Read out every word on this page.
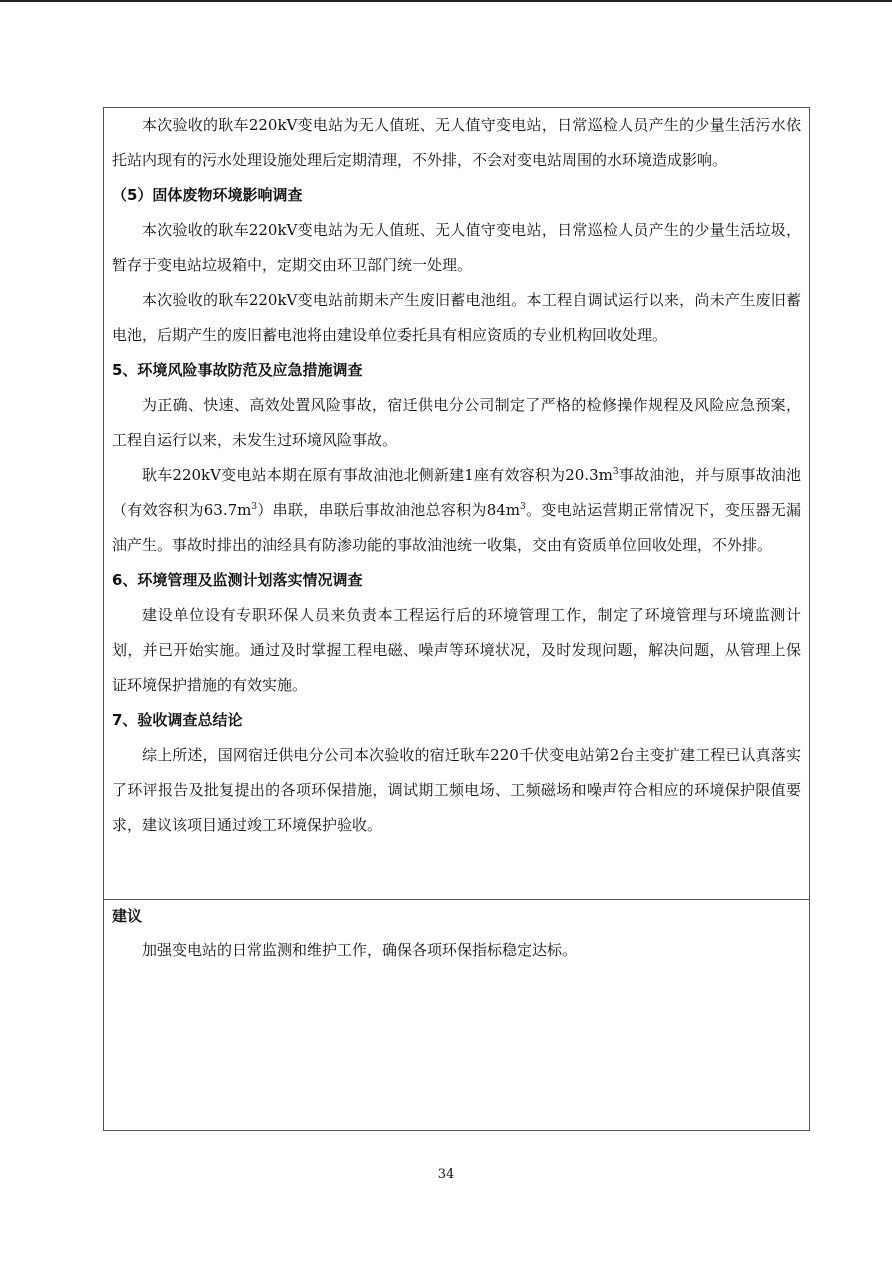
本次验收的耿车220kV变电站为无人值班、无人值守变电站，日常巡检人员产生的少量生活污水依托站内现有的污水处理设施处理后定期清理，不外排，不会对变电站周围的水环境造成影响。

（5）固体废物环境影响调查

本次验收的耿车220kV变电站为无人值班、无人值守变电站，日常巡检人员产生的少量生活垃圾，暂存于变电站垃圾箱中，定期交由环卫部门统一处理。

本次验收的耿车220kV变电站前期未产生废旧蓄电池组。本工程自调试运行以来，尚未产生废旧蓄电池，后期产生的废旧蓄电池将由建设单位委托具有相应资质的专业机构回收处理。

5、环境风险事故防范及应急措施调查

为正确、快速、高效处置风险事故，宿迁供电分公司制定了严格的检修操作规程及风险应急预案，工程自运行以来，未发生过环境风险事故。

耿车220kV变电站本期在原有事故油池北侧新建1座有效容积为$20.3m^3$事故油池，并与原事故油池（有效容积为$63.7m^3$）串联，串联后事故油池总容积为$84m^3$。变电站运营期正常情况下，变压器无漏油产生。事故时排出的油经具有防渗功能的事故油池统一收集，交由有资质单位回收处理，不外排。

6、环境管理及监测计划落实情况调查

建设单位设有专职环保人员来负责本工程运行后的环境管理工作，制定了环境管理与环境监测计划，并已开始实施。通过及时掌握工程电磁、噪声等环境状况，及时发现问题，解决问题，从管理上保证环境保护措施的有效实施。

7、验收调查总结论

综上所述，国网宿迁供电分公司本次验收的宿迁耿车220千伏变电站第2台主变扩建工程已认真落实了环评报告及批复提出的各项环保措施，调试期工频电场、工频磁场和噪声符合相应的环境保护限值要求，建议该项目通过竣工环境保护验收。

建议

加强变电站的日常监测和维护工作，确保各项环保指标稳定达标。

34
